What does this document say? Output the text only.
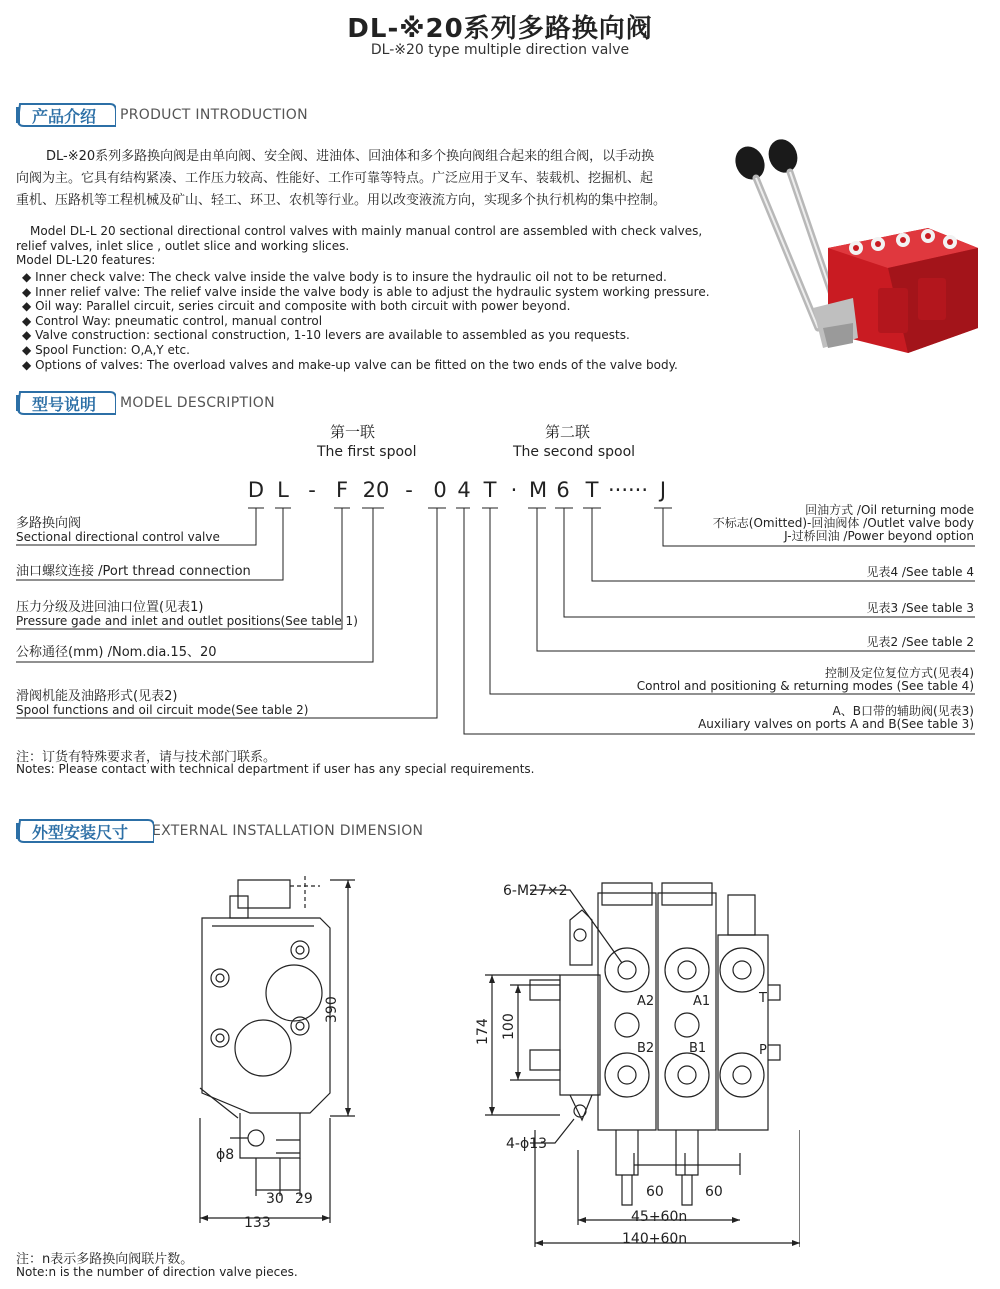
DL-※20系列多路换向阀
DL-※20 type multiple direction valve
产品介绍 PRODUCT INTRODUCTION
DL-※20系列多路换向阀是由单向阀、安全阀、进油体、回油体和多个换向阀组合起来的组合阀，以手动换
向阀为主。它具有结构紧凑、工作压力较高、性能好、工作可靠等特点。广泛应用于叉车、装载机、挖掘机、起
重机、压路机等工程机械及矿山、轻工、环卫、农机等行业。用以改变液流方向，实现多个执行机构的集中控制。
Model DL-L 20 sectional directional control valves with mainly manual control are assembled with check valves,
relief valves, inlet slice , outlet slice and working slices.
Model DL-L20 features:
◆ Inner check valve: The check valve inside the valve body is to insure the hydraulic oil not to be returned.
◆ Inner relief valve: The relief valve inside the valve body is able to adjust the hydraulic system working pressure.
◆ Oil way: Parallel circuit, series circuit and composite with both circuit with power beyond.
◆ Control Way: pneumatic control, manual control
◆ Valve construction: sectional construction, 1-10 levers are available to assembled as you requests.
◆ Spool Function: O,A,Y etc.
◆ Options of valves: The overload valves and make-up valve can be fitted on the two ends of the valve body.
型号说明 MODEL DESCRIPTION
第一联
The first spool
第二联
The second spool
D L - F 20 - 0 4 T · M 6 T ······ J
多路换向阀
Sectional directional control valve
油口螺纹连接 /Port thread connection
压力分级及进回油口位置(见表1)
Pressure gade and inlet and outlet positions(See table 1)
公称通径(mm) /Nom.dia.15、20
滑阀机能及油路形式(见表2)
Spool functions and oil circuit mode(See table 2)
回油方式 /Oil returning mode
不标志(Omitted)-回油阀体 /Outlet valve body
J-过桥回油 /Power beyond option
见表4 /See table 4
见表3 /See table 3
见表2 /See table 2
控制及定位复位方式(见表4)
Control and positioning & returning modes (See table 4)
A、B口带的辅助阀(见表3)
Auxiliary valves on ports A and B(See table 3)
注：订货有特殊要求者，请与技术部门联系。
Notes: Please contact with technical department if user has any special requirements.
外型安装尺寸 EXTERNAL INSTALLATION DIMENSION
390
133
30 29
ϕ8
6-M27×2
4-ϕ13
174 100
60	60
45+60n
140+60n
A2	A1
B2	B1
T
P
注：n表示多路换向阀联片数。
Note:n is the number of direction valve pieces.
